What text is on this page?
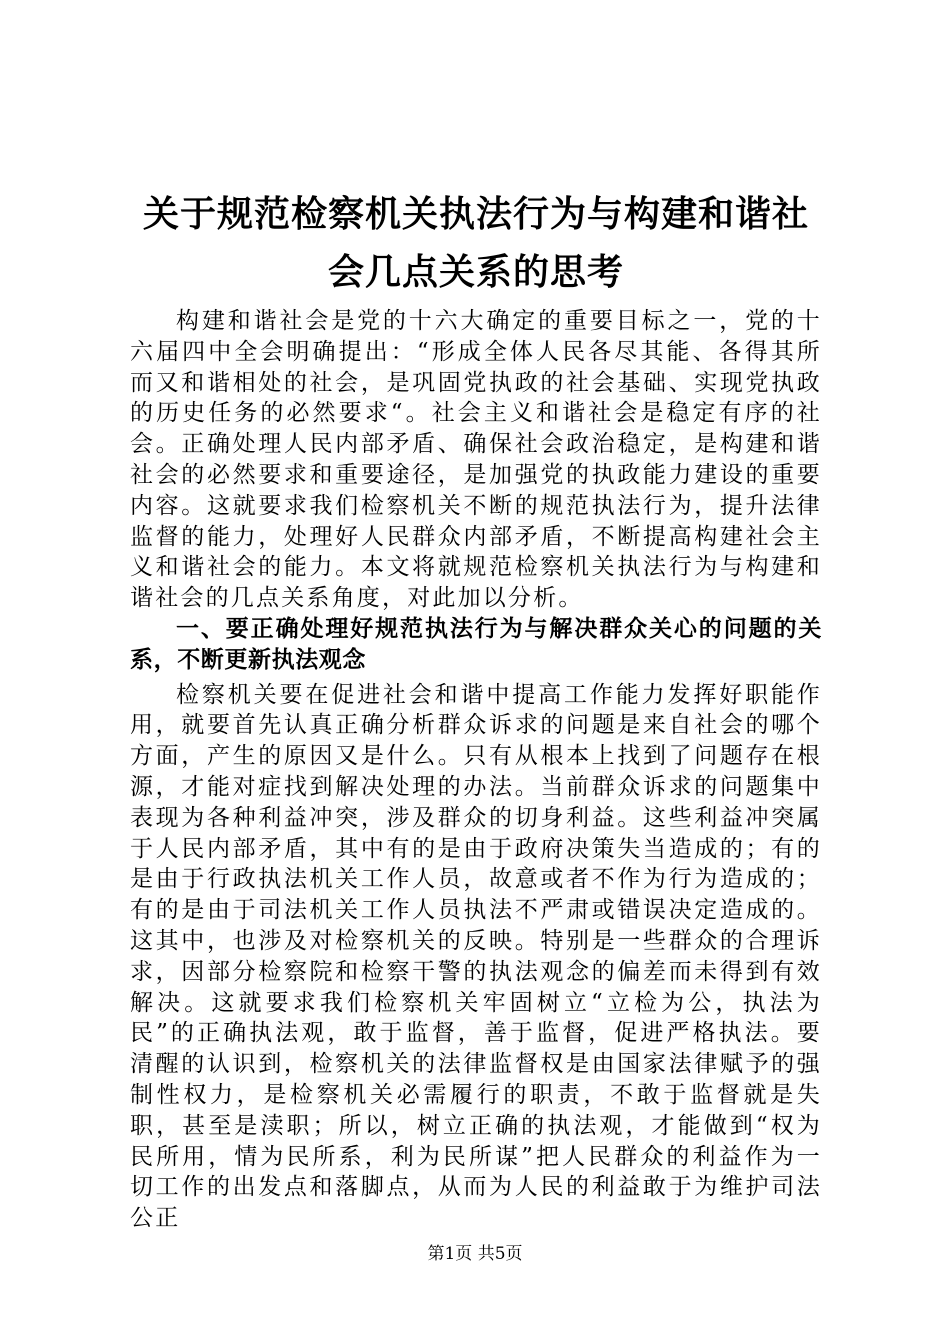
关于规范检察机关执法行为与构建和谐社会几点关系的思考

构建和谐社会是党的十六大确定的重要目标之一，党的十六届四中全会明确提出：“形成全体人民各尽其能、各得其所而又和谐相处的社会，是巩固党执政的社会基础、实现党执政的历史任务的必然要求“。社会主义和谐社会是稳定有序的社会。正确处理人民内部矛盾、确保社会政治稳定，是构建和谐社会的必然要求和重要途径，是加强党的执政能力建设的重要内容。这就要求我们检察机关不断的规范执法行为，提升法律监督的能力，处理好人民群众内部矛盾，不断提高构建社会主义和谐社会的能力。本文将就规范检察机关执法行为与构建和谐社会的几点关系角度，对此加以分析。

一、要正确处理好规范执法行为与解决群众关心的问题的关系，不断更新执法观念

检察机关要在促进社会和谐中提高工作能力发挥好职能作用，就要首先认真正确分析群众诉求的问题是来自社会的哪个方面，产生的原因又是什么。只有从根本上找到了问题存在根源，才能对症找到解决处理的办法。当前群众诉求的问题集中表现为各种利益冲突，涉及群众的切身利益。这些利益冲突属于人民内部矛盾，其中有的是由于政府决策失当造成的；有的是由于行政执法机关工作人员，故意或者不作为行为造成的；有的是由于司法机关工作人员执法不严肃或错误决定造成的。这其中，也涉及对检察机关的反映。特别是一些群众的合理诉求，因部分检察院和检察干警的执法观念的偏差而未得到有效解决。这就要求我们检察机关牢固树立“立检为公，执法为民”的正确执法观，敢于监督，善于监督，促进严格执法。要清醒的认识到，检察机关的法律监督权是由国家法律赋予的强制性权力，是检察机关必需履行的职责，不敢于监督就是失职，甚至是渎职；所以，树立正确的执法观，才能做到“权为民所用，情为民所系，利为民所谋”把人民群众的利益作为一切工作的出发点和落脚点，从而为人民的利益敢于为维护司法公正

第1页 共5页
